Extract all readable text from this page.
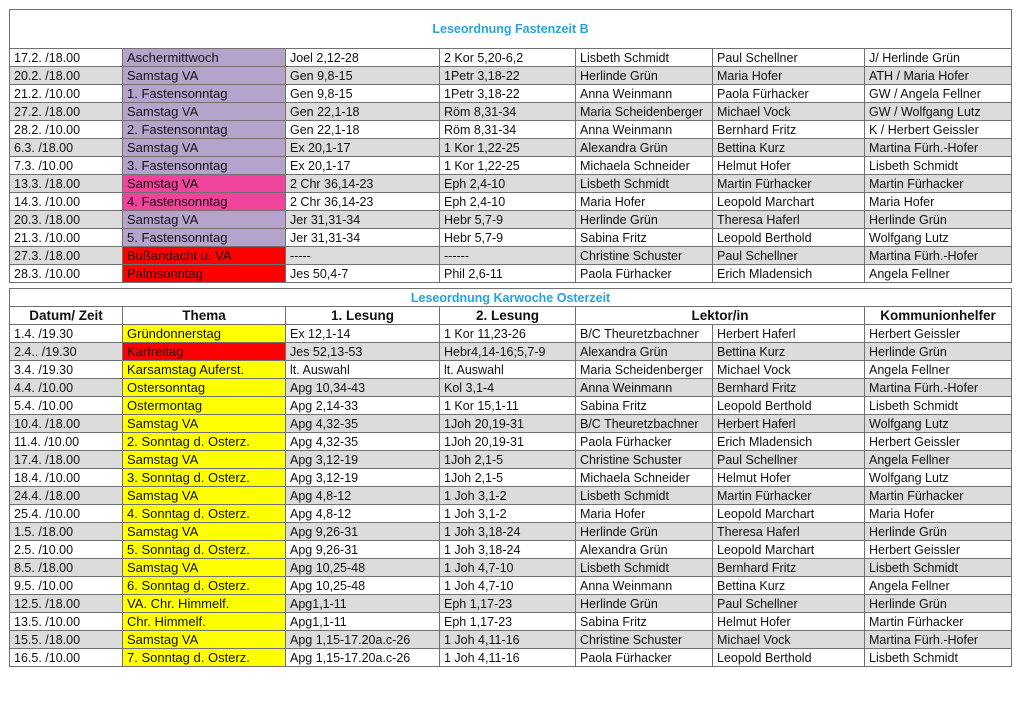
Leseordnung Fastenzeit B						
17.2. /18.00	Aschermittwoch	Joel 2,12-28	2 Kor 5,20-6,2	Lisbeth Schmidt	Paul Schellner	J/ Herlinde Grün
20.2. /18.00	Samstag VA	Gen 9,8-15	1Petr 3,18-22	Herlinde Grün	Maria Hofer	ATH / Maria Hofer
21.2. /10.00	1. Fastensonntag	Gen 9,8-15	1Petr 3,18-22	Anna Weinmann	Paola Fürhacker	GW / Angela Fellner
27.2. /18.00	Samstag VA	Gen 22,1-18	Röm 8,31-34	Maria Scheidenberger	Michael Vock	GW / Wolfgang Lutz
28.2. /10.00	2. Fastensonntag	Gen 22,1-18	Röm 8,31-34	Anna Weinmann	Bernhard Fritz	K / Herbert Geissler
6.3. /18.00	Samstag VA	Ex 20,1-17	1 Kor 1,22-25	Alexandra Grün	Bettina Kurz	Martina Fürh.-Hofer
7.3. /10.00	3. Fastensonntag	Ex 20,1-17	1 Kor 1,22-25	Michaela Schneider	Helmut Hofer	Lisbeth Schmidt
13.3. /18.00	Samstag VA	2 Chr 36,14-23	Eph 2,4-10	Lisbeth Schmidt	Martin Fürhacker	Martin Fürhacker
14.3. /10.00	4. Fastensonntag	2 Chr 36,14-23	Eph 2,4-10	Maria Hofer	Leopold Marchart	Maria Hofer
20.3. /18.00	Samstag VA	Jer 31,31-34	Hebr 5,7-9	Herlinde Grün	Theresa Haferl	Herlinde Grün
21.3. /10.00	5. Fastensonntag	Jer 31,31-34	Hebr 5,7-9	Sabina Fritz	Leopold Berthold	Wolfgang Lutz
27.3. /18.00	Bußandacht u. VA	-----	------	Christine Schuster	Paul Schellner	Martina Fürh.-Hofer
28.3. /10.00	Palmsonntag	Jes 50,4-7	Phil 2,6-11	Paola Fürhacker	Erich Mladensich	Angela Fellner
Leseordnung Karwoche Osterzeit						
Datum/ Zeit	Thema	1. Lesung	2. Lesung	Lektor/in		Kommunionhelfer
1.4. /19.30	Gründonnerstag	Ex 12,1-14	1 Kor 11,23-26	B/C Theuretzbachner	Herbert Haferl	Herbert Geissler
2.4.. /19.30	Karfreitag	Jes 52,13-53	Hebr4,14-16;5,7-9	Alexandra Grün	Bettina Kurz	Herlinde Grün
3.4. /19.30	Karsamstag Auferst.	lt. Auswahl	lt. Auswahl	Maria Scheidenberger	Michael Vock	Angela Fellner
4.4. /10.00	Ostersonntag	Apg 10,34-43	Kol 3,1-4	Anna Weinmann	Bernhard Fritz	Martina Fürh.-Hofer
5.4. /10.00	Ostermontag	Apg 2,14-33	1 Kor 15,1-11	Sabina Fritz	Leopold Berthold	Lisbeth Schmidt
10.4. /18.00	Samstag VA	Apg 4,32-35	1Joh 20,19-31	B/C Theuretzbachner	Herbert Haferl	Wolfgang Lutz
11.4. /10.00	2. Sonntag d. Osterz.	Apg 4,32-35	1Joh 20,19-31	Paola Fürhacker	Erich Mladensich	Herbert Geissler
17.4. /18.00	Samstag VA	Apg 3,12-19	1Joh 2,1-5	Christine Schuster	Paul Schellner	Angela Fellner
18.4. /10.00	3. Sonntag d. Osterz.	Apg 3,12-19	1Joh 2,1-5	Michaela Schneider	Helmut Hofer	Wolfgang Lutz
24.4. /18.00	Samstag VA	Apg 4,8-12	1 Joh 3,1-2	Lisbeth Schmidt	Martin Fürhacker	Martin Fürhacker
25.4. /10.00	4. Sonntag d. Osterz.	Apg 4,8-12	1 Joh 3,1-2	Maria Hofer	Leopold Marchart	Maria Hofer
1.5. /18.00	Samstag VA	Apg 9,26-31	1 Joh 3,18-24	Herlinde Grün	Theresa Haferl	Herlinde Grün
2.5. /10.00	5. Sonntag d. Osterz.	Apg 9,26-31	1 Joh 3,18-24	Alexandra Grün	Leopold Marchart	Herbert Geissler
8.5. /18.00	Samstag VA	Apg 10,25-48	1 Joh 4,7-10	Lisbeth Schmidt	Bernhard Fritz	Lisbeth Schmidt
9.5. /10.00	6. Sonntag d. Osterz.	Apg 10,25-48	1 Joh 4,7-10	Anna Weinmann	Bettina Kurz	Angela Fellner
12.5. /18.00	VA. Chr. Himmelf.	Apg1,1-11	Eph 1,17-23	Herlinde Grün	Paul Schellner	Herlinde Grün
13.5. /10.00	Chr. Himmelf.	Apg1,1-11	Eph 1,17-23	Sabina Fritz	Helmut Hofer	Martin Fürhacker
15.5. /18.00	Samstag VA	Apg 1,15-17.20a.c-26	1 Joh 4,11-16	Christine Schuster	Michael Vock	Martina Fürh.-Hofer
16.5. /10.00	7. Sonntag d. Osterz.	Apg 1,15-17.20a.c-26	1 Joh 4,11-16	Paola Fürhacker	Leopold Berthold	Lisbeth Schmidt
